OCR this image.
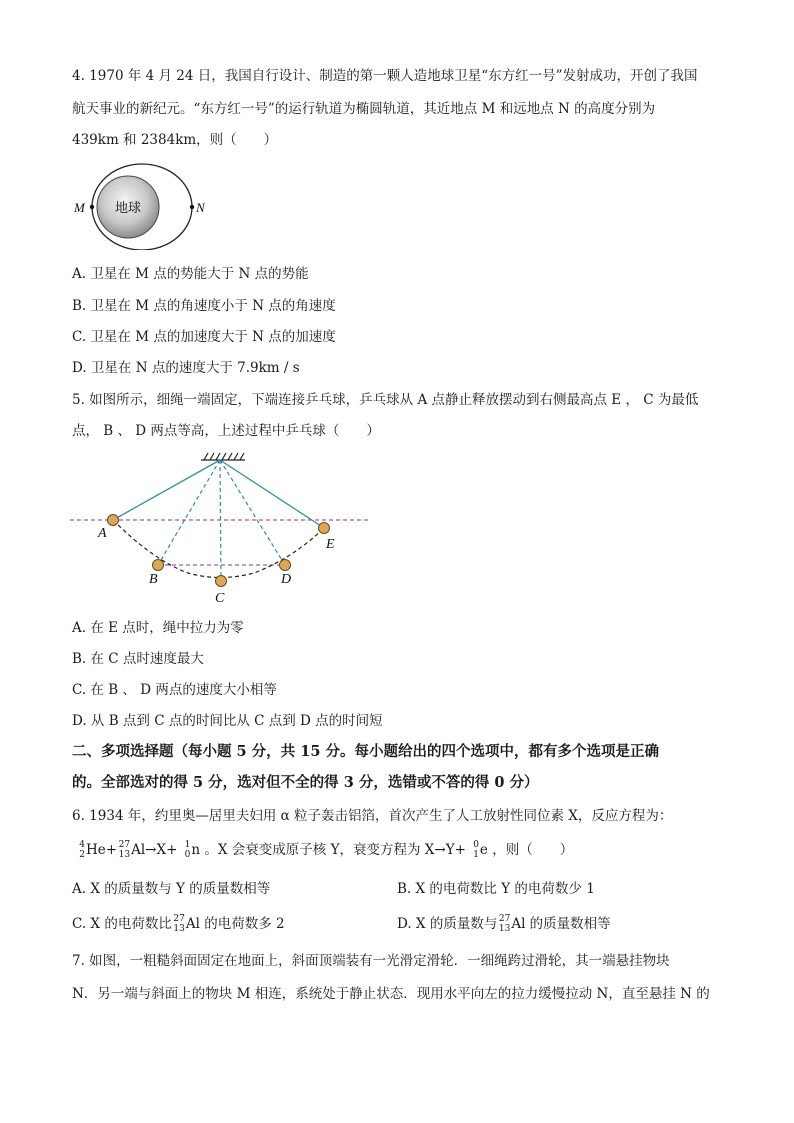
4. 1970 年 4 月 24 日，我国自行设计、制造的第一颗人造地球卫星“东方红一号”发射成功，开创了我国
航天事业的新纪元。“东方红一号”的运行轨道为椭圆轨道，其近地点 M 和远地点 N 的高度分别为
439km 和 2384km，则（　　）
地球
M	N
A. 卫星在 M 点的势能大于 N 点的势能
B. 卫星在 M 点的角速度小于 N 点的角速度
C. 卫星在 M 点的加速度大于 N 点的加速度
D. 卫星在 N 点的速度大于 7.9km / s
5. 如图所示，细绳一端固定，下端连接乒乓球，乒乓球从 A 点静止释放摆动到右侧最高点 E ， C 为最低
点， B 、 D 两点等高，上述过程中乒乓球（　　）
A
B
C
D
E
A. 在 E 点时，绳中拉力为零
B. 在 C 点时速度最大
C. 在 B 、 D 两点的速度大小相等
D. 从 B 点到 C 点的时间比从 C 点到 D 点的时间短
二、多项选择题（每小题 5 分，共 15 分。每小题给出的四个选项中，都有多个选项是正确
的。全部选对的得 5 分，选对但不全的得 3 分，选错或不答的得 0 分）
6. 1934 年，约里奥—居里夫妇用 α 粒子轰击铝箔，首次产生了人工放射性同位素 X，反应方程为：
4
2 He+ 27
13 Al→X+ 1
0 n 。X 会衰变成原子核 Y，衰变方程为 X→Y+ 0
1 e ，则（　　）
A. X 的质量数与 Y 的质量数相等	B. X 的电荷数比 Y 的电荷数少 1
C. X 的电荷数比 27
13 Al 的电荷数多 2	D. X 的质量数与 27
13 Al 的质量数相等
7. 如图，一粗糙斜面固定在地面上，斜面顶端装有一光滑定滑轮．一细绳跨过滑轮，其一端悬挂物块
N．另一端与斜面上的物块 M 相连，系统处于静止状态．现用水平向左的拉力缓慢拉动 N，直至悬挂 N 的
